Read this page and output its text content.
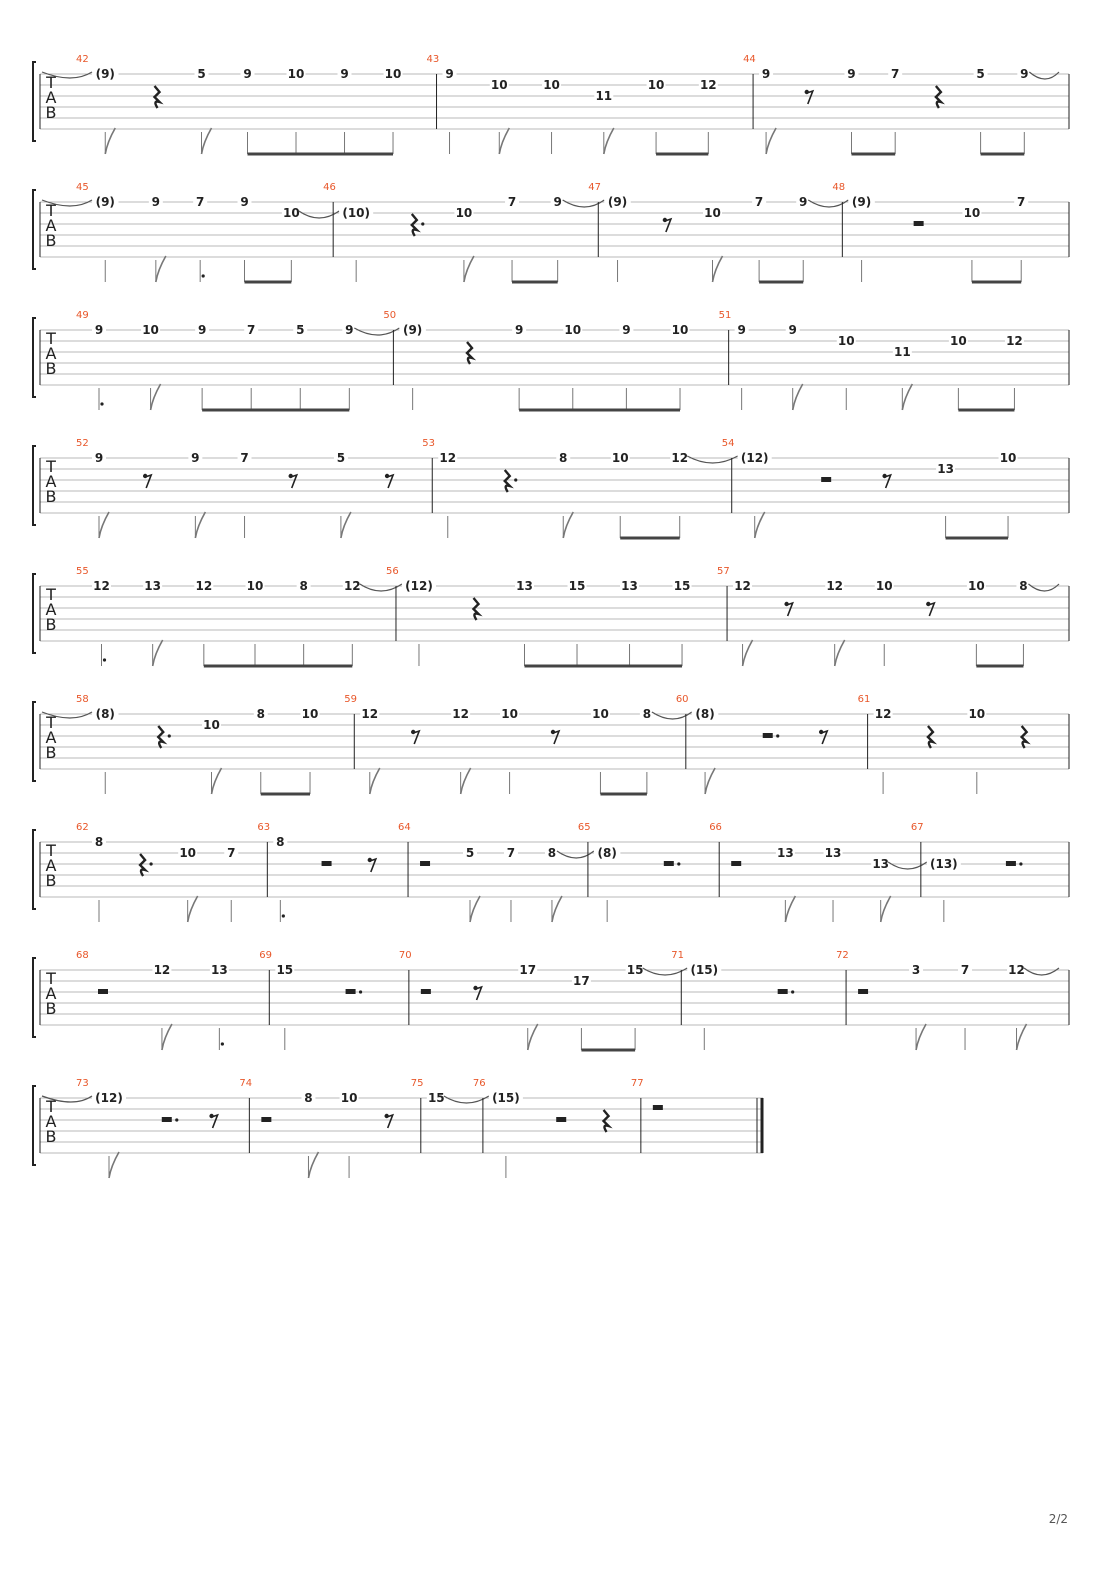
T
A
B
42
(9)	5	9	10	9	10
43
9
10	10
11
10	12
44
9	9	7	5	9
T
A
B
45
(9)	9	7	9
10
46
(10)	10
7	9
47
(9)
10
7	9
48
(9)
10
7
T
A
B
49
9	10	9	7	5	9
50
(9)	9	10	9	10
51
9	9
10
11
10	12
T
A
B
52
9	9	7	5
53
12	8	10	12
54
(12)
13
10
T
A
B
55
12	13	12	10	8	12
56
(12)	13	15	13	15
57
12	12	10	10	8
T
A
B
58
(8)
10
8	10
59
12	12	10	10	8
60
(8)
61
12	10
T
A
B
62
8
10	7
63
8
64
5	7	8
65
(8)
66
13	13
13
67
(13)
T
A
B
68
12	13
69
15
70
17
17
15
71
(15)
72
3	7	12
T
A
B
73
(12)
74
8 10
75
15
76
(15)
77
2/2
